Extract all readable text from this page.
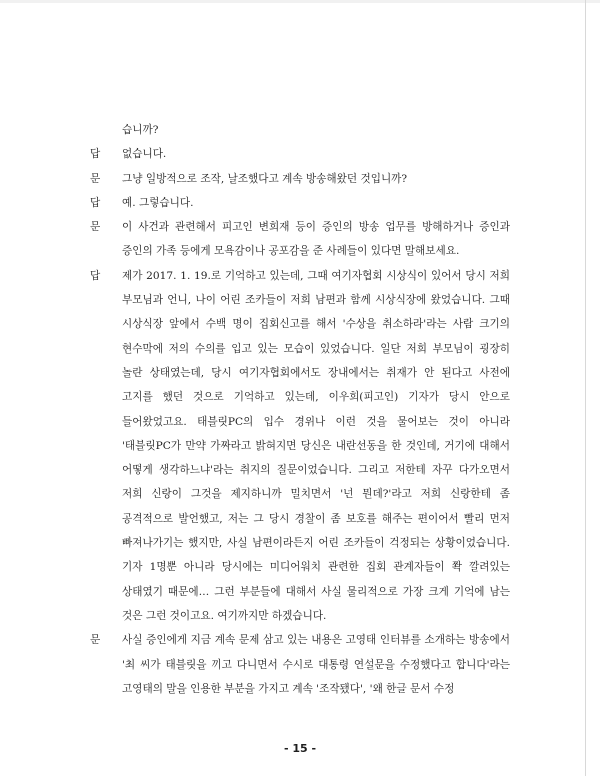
습니까?
답	없습니다.
문	그냥 일방적으로 조작, 날조했다고 계속 방송해왔던 것입니까?
답	예. 그렇습니다.
문	이 사건과 관련해서 피고인 변희재 등이 증인의 방송 업무를 방해하거나 증인과 증인의 가족 등에게 모욕감이나 공포감을 준 사례들이 있다면 말해보세요.
답	제가 2017. 1. 19.로 기억하고 있는데, 그때 여기자협회 시상식이 있어서 당시 저희 부모님과 언니, 나이 어린 조카들이 저희 남편과 함께 시상식장에 왔었습니다. 그때 시상식장 앞에서 수백 명이 집회신고를 해서 '수상을 취소하라'라는 사람 크기의 현수막에 저의 수의를 입고 있는 모습이 있었습니다. 일단 저희 부모님이 굉장히 놀란 상태였는데, 당시 여기자협회에서도 장내에서는 취재가 안 된다고 사전에 고지를 했던 것으로 기억하고 있는데, 이우희(피고인) 기자가 당시 안으로 들어왔었고요. 태블릿PC의 입수 경위나 이런 것을 물어보는 것이 아니라 '태블릿PC가 만약 가짜라고 밝혀지면 당신은 내란선동을 한 것인데, 거기에 대해서 어떻게 생각하느냐'라는 취지의 질문이었습니다. 그리고 저한테 자꾸 다가오면서 저희 신랑이 그것을 제지하니까 밀치면서 '넌 뭔데?'라고 저희 신랑한테 좀 공격적으로 발언했고, 저는 그 당시 경찰이 좀 보호를 해주는 편이어서 빨리 먼저 빠져나가기는 했지만, 사실 남편이라든지 어린 조카들이 걱정되는 상황이었습니다. 기자 1명뿐 아니라 당시에는 미디어워치 관련한 집회 관계자들이 쫙 깔려있는 상태였기 때문에… 그런 부분들에 대해서 사실 물리적으로 가장 크게 기억에 남는 것은 그런 것이고요. 여기까지만 하겠습니다.
문	사실 증인에게 지금 계속 문제 삼고 있는 내용은 고영태 인터뷰를 소개하는 방송에서 '최 씨가 태블릿을 끼고 다니면서 수시로 대통령 연설문을 수정했다고 합니다'라는 고영태의 말을 인용한 부분을 가지고 계속 '조작됐다', '왜 한글 문서 수정
- 15 -
